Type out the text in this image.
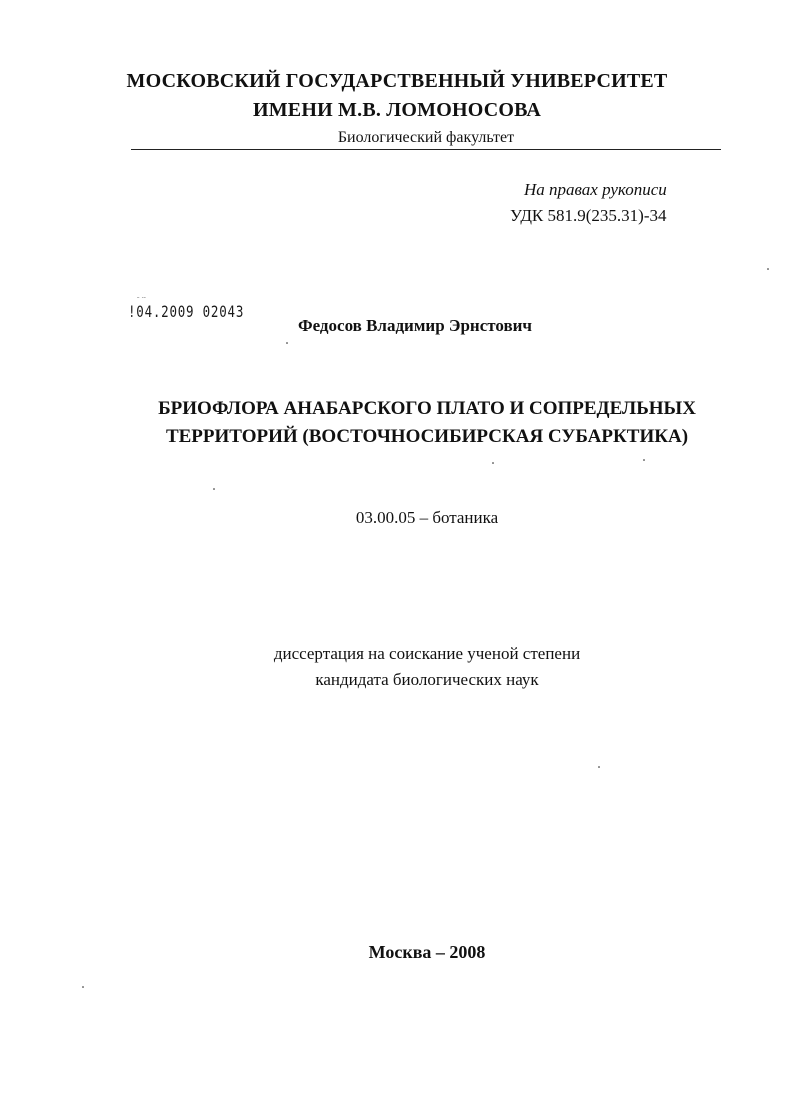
МОСКОВСКИЙ ГОСУДАРСТВЕННЫЙ УНИВЕРСИТЕТ
ИМЕНИ М.В. ЛОМОНОСОВА
Биологический факультет
На правах рукописи
УДК 581.9(235.31)-34
ˉ ˙ˉ
!04.2009 02043
Федосов Владимир Эрнстович
БРИОФЛОРА АНАБАРСКОГО ПЛАТО И СОПРЕДЕЛЬНЫХ
ТЕРРИТОРИЙ (ВОСТОЧНОСИБИРСКАЯ СУБАРКТИКА)
03.00.05 – ботаника
диссертация на соискание ученой степени
кандидата биологических наук
Москва – 2008
